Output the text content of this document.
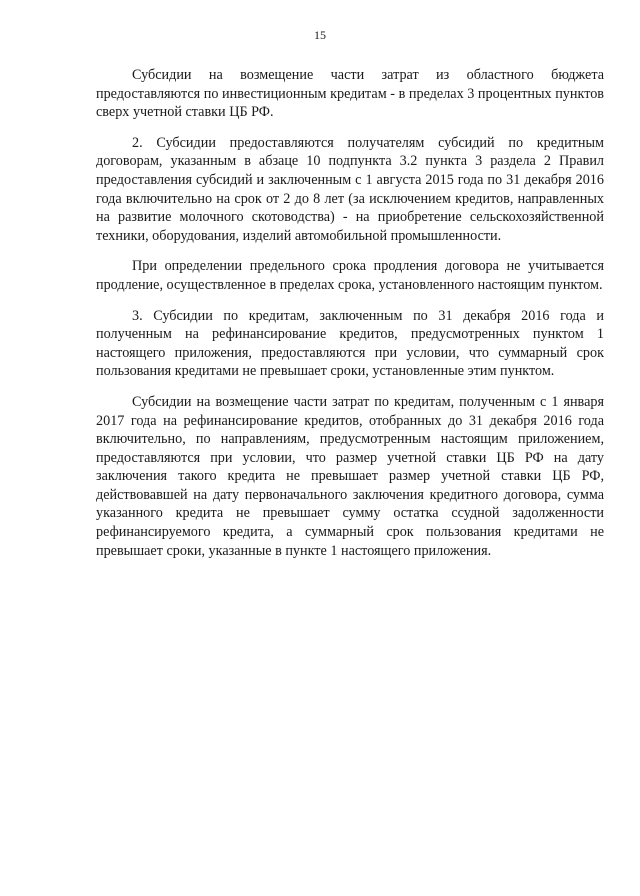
15

Субсидии на возмещение части затрат из областного бюджета предоставляются по инвестиционным кредитам - в пределах 3 процентных пунктов сверх учетной ставки ЦБ РФ.

2. Субсидии предоставляются получателям субсидий по кредитным договорам, указанным в абзаце 10 подпункта 3.2 пункта 3 раздела 2 Правил предоставления субсидий и заключенным с 1 августа 2015 года по 31 декабря 2016 года включительно на срок от 2 до 8 лет (за исключением кредитов, направленных на развитие молочного скотоводства) - на приобретение сельскохозяйственной техники, оборудования, изделий автомобильной промышленности.

При определении предельного срока продления договора не учитывается продление, осуществленное в пределах срока, установленного настоящим пунктом.

3. Субсидии по кредитам, заключенным по 31 декабря 2016 года и полученным на рефинансирование кредитов, предусмотренных пунктом 1 настоящего приложения, предоставляются при условии, что суммарный срок пользования кредитами не превышает сроки, установленные этим пунктом.

Субсидии на возмещение части затрат по кредитам, полученным с 1 января 2017 года на рефинансирование кредитов, отобранных до 31 декабря 2016 года включительно, по направлениям, предусмотренным настоящим приложением, предоставляются при условии, что размер учетной ставки ЦБ РФ на дату заключения такого кредита не превышает размер учетной ставки ЦБ РФ, действовавшей на дату первоначального заключения кредитного договора, сумма указанного кредита не превышает сумму остатка ссудной задолженности рефинансируемого кредита, а суммарный срок пользования кредитами не превышает сроки, указанные в пункте 1 настоящего приложения.
